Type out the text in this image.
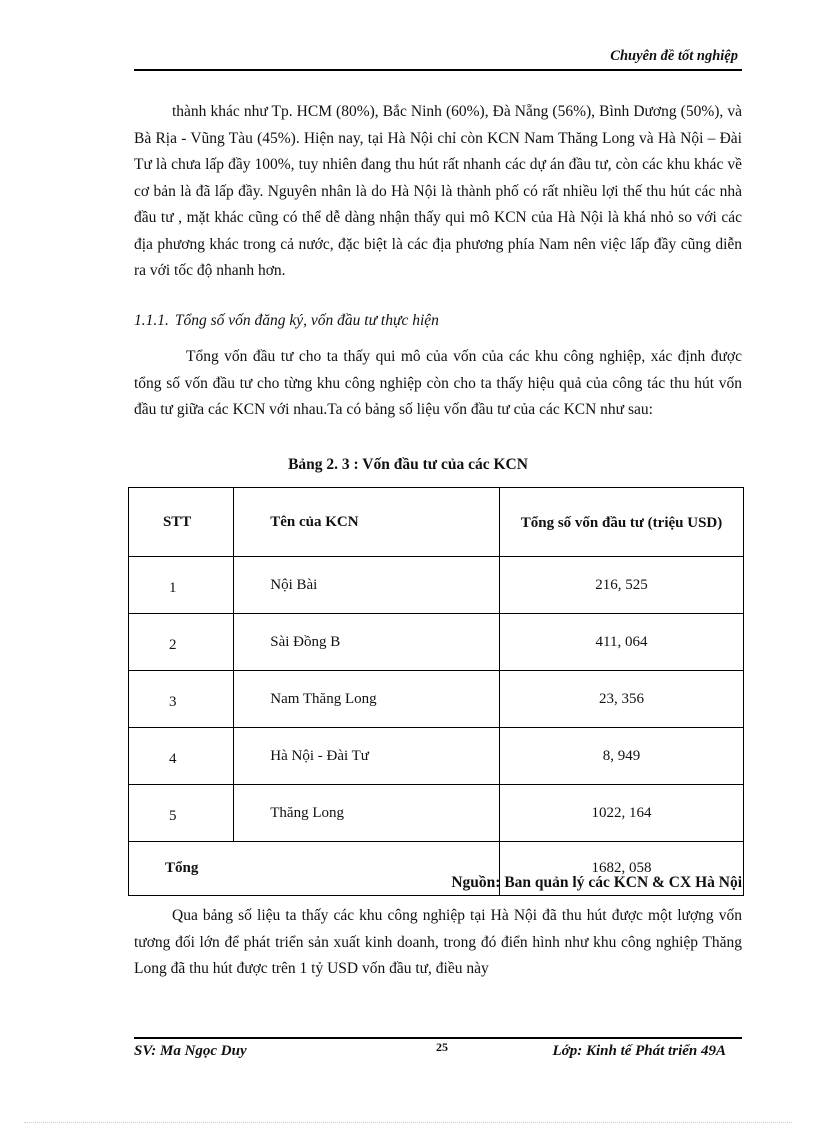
Chuyên đề tốt nghiệp

thành khác như Tp. HCM (80%), Bắc Ninh (60%), Đà Nẵng (56%), Bình Dương (50%), và Bà Rịa - Vũng Tàu (45%). Hiện nay, tại Hà Nội chỉ còn KCN Nam Thăng Long và Hà Nội – Đài Tư là chưa lấp đầy 100%, tuy nhiên đang thu hút rất nhanh các dự án đầu tư, còn các khu khác về cơ bản là đã lấp đầy. Nguyên nhân là do Hà Nội là thành phố có rất nhiều lợi thế thu hút các nhà đầu tư , mặt khác cũng có thể dễ dàng nhận thấy qui mô KCN của Hà Nội là khá nhỏ so với các địa phương khác trong cả nước, đặc biệt là các địa phương phía Nam nên việc lấp đầy cũng diễn ra với tốc độ nhanh hơn.

1.1.1. Tổng số vốn đăng ký, vốn đầu tư thực hiện

Tổng vốn đầu tư cho ta thấy qui mô của vốn của các khu công nghiệp, xác định được tổng số vốn đầu tư cho từng khu công nghiệp còn cho ta thấy hiệu quả của công tác thu hút vốn đầu tư giữa các KCN với nhau.Ta có bảng số liệu vốn đầu tư của các KCN như sau:

Bảng 2. 3 : Vốn đầu tư của các KCN

STT	Tên của KCN	Tổng số vốn đầu tư (triệu USD)
1	Nội Bài	216, 525
2	Sài Đồng B	411, 064
3	Nam Thăng Long	23, 356
4	Hà Nội - Đài Tư	8, 949
5	Thăng Long	1022, 164
Tổng		1682, 058

Nguồn: Ban quản lý các KCN & CX Hà Nội

Qua bảng số liệu ta thấy các khu công nghiệp tại Hà Nội đã thu hút được một lượng vốn tương đối lớn để phát triển sản xuất kinh doanh, trong đó điển hình như khu công nghiệp Thăng Long đã thu hút được trên 1 tỷ USD vốn đầu tư, điều này

SV: Ma Ngọc Duy	25	Lớp: Kinh tế Phát triển 49A
